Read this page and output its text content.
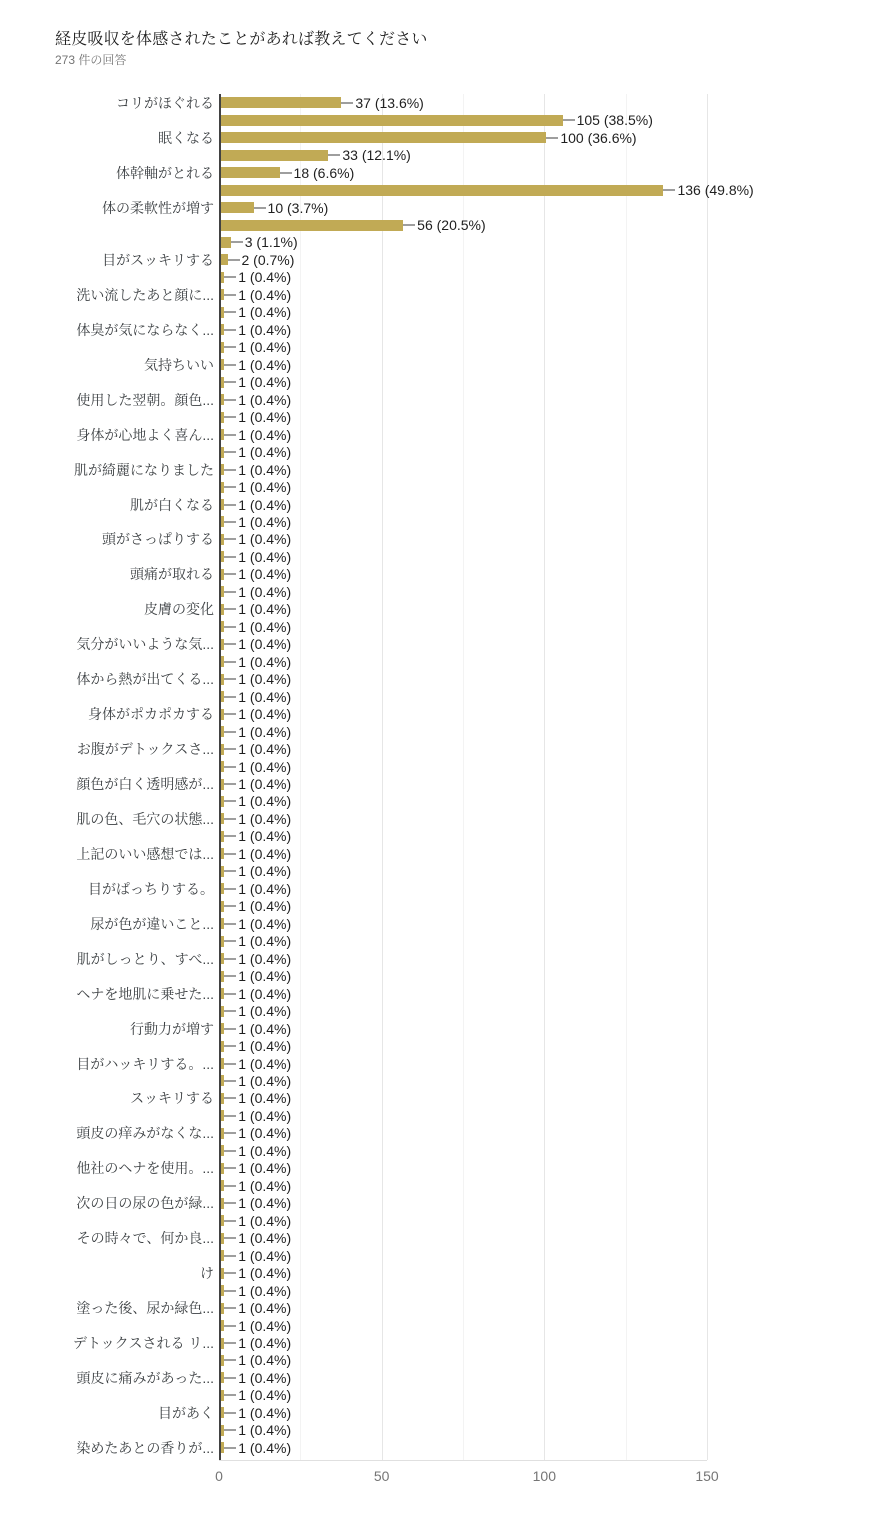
経皮吸収を体感されたことがあれば教えてください
273 件の回答
コリがほぐれる	37 (13.6%)
105 (38.5%)
眠くなる	100 (36.6%)
33 (12.1%)
体幹軸がとれる	18 (6.6%)
136 (49.8%)
体の柔軟性が増す	10 (3.7%)
56 (20.5%)
3 (1.1%)
目がスッキリする 2 (0.7%)
1 (0.4%)
洗い流したあと顔に... 1 (0.4%)
1 (0.4%)
体臭が気にならなく... 1 (0.4%)
1 (0.4%)
気持ちいい 1 (0.4%)
1 (0.4%)
使用した翌朝。顔色... 1 (0.4%)
1 (0.4%)
身体が心地よく喜ん... 1 (0.4%)
1 (0.4%)
肌が綺麗になりました 1 (0.4%)
1 (0.4%)
肌が白くなる 1 (0.4%)
1 (0.4%)
頭がさっぱりする 1 (0.4%)
1 (0.4%)
頭痛が取れる 1 (0.4%)
1 (0.4%)
皮膚の変化 1 (0.4%)
1 (0.4%)
気分がいいような気... 1 (0.4%)
1 (0.4%)
体から熱が出てくる... 1 (0.4%)
1 (0.4%)
身体がポカポカする 1 (0.4%)
1 (0.4%)
お腹がデトックスさ... 1 (0.4%)
1 (0.4%)
顔色が白く透明感が... 1 (0.4%)
1 (0.4%)
肌の色、毛穴の状態... 1 (0.4%)
1 (0.4%)
上記のいい感想では... 1 (0.4%)
1 (0.4%)
目がぱっちりする。 1 (0.4%)
1 (0.4%)
尿が色が違いこと... 1 (0.4%)
1 (0.4%)
肌がしっとり、すべ... 1 (0.4%)
1 (0.4%)
ヘナを地肌に乗せた... 1 (0.4%)
1 (0.4%)
行動力が増す 1 (0.4%)
1 (0.4%)
目がハッキリする。... 1 (0.4%)
1 (0.4%)
スッキリする 1 (0.4%)
1 (0.4%)
頭皮の痒みがなくな... 1 (0.4%)
1 (0.4%)
他社のヘナを使用。... 1 (0.4%)
1 (0.4%)
次の日の尿の色が緑... 1 (0.4%)
1 (0.4%)
その時々で、何か良... 1 (0.4%)
1 (0.4%)
け 1 (0.4%)
1 (0.4%)
塗った後、尿か緑色... 1 (0.4%)
1 (0.4%)
デトックスされる リ... 1 (0.4%)
1 (0.4%)
頭皮に痛みがあった... 1 (0.4%)
1 (0.4%)
目があく 1 (0.4%)
1 (0.4%)
染めたあとの香りが... 1 (0.4%)
0	50	100	150
